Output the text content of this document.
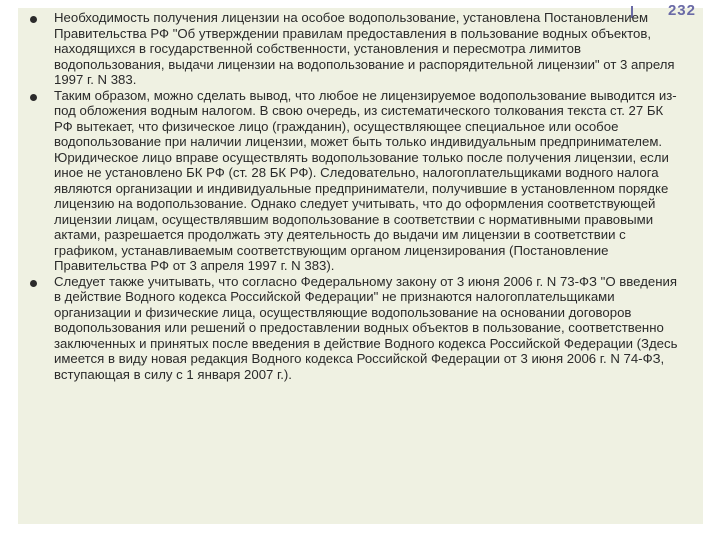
232
Необходимость получения лицензии на особое водопользование, установлена Постановлением Правительства РФ "Об утверждении правилам предоставления в пользование водных объектов, находящихся в государственной собственности, установления и пересмотра лимитов водопользования, выдачи лицензии на водопользование и распорядительной лицензии" от 3 апреля 1997 г. N 383.
Таким образом, можно сделать вывод, что любое не лицензируемое водопользование выводится из-под обложения водным налогом. В свою очередь, из систематического толкования текста ст. 27 БК РФ вытекает, что физическое лицо (гражданин), осуществляющее специальное или особое водопользование при наличии лицензии, может быть только индивидуальным предпринимателем. Юридическое лицо вправе осуществлять водопользование только после получения лицензии, если иное не установлено БК РФ (ст. 28 БК РФ). Следовательно, налогоплательщиками водного налога являются организации и индивидуальные предприниматели, получившие в установленном порядке лицензию на водопользование. Однако следует учитывать, что до оформления соответствующей лицензии лицам, осуществлявшим водопользование в соответствии с нормативными правовыми актами, разрешается продолжать эту деятельность до выдачи им лицензии в соответствии с графиком, устанавливаемым соответствующим органом лицензирования (Постановление Правительства РФ от 3 апреля 1997 г. N 383).
Следует также учитывать, что согласно Федеральному закону от 3 июня 2006 г. N 73-ФЗ "О введения в действие Водного кодекса Российской Федерации" не признаются налогоплательщиками организации и физические лица, осуществляющие водопользование на основании договоров водопользования или решений о предоставлении водных объектов в пользование, соответственно заключенных и принятых после введения в действие Водного кодекса Российской Федерации (Здесь имеется в виду новая редакция Водного кодекса Российской Федерации от 3 июня 2006 г. N 74-ФЗ, вступающая в силу с 1 января 2007 г.).
